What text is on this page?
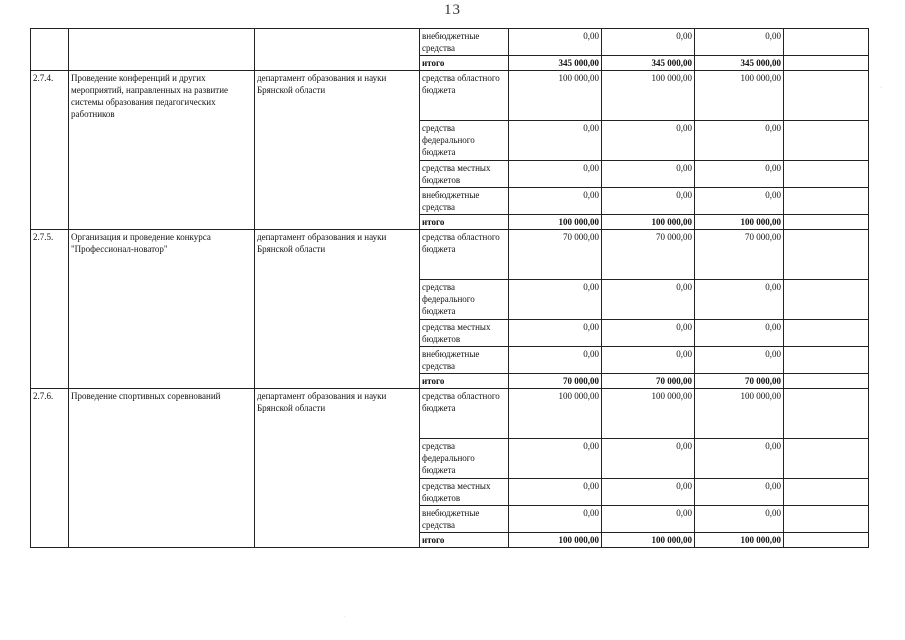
13
·
·
			внебюджетные средства	0,00	0,00	0,00	
			итого	345 000,00	345 000,00	345 000,00	
2.7.4.	Проведение конференций и других мероприятий, направленных на развитие системы образования педагогических работников	департамент образования и науки Брянской области	средства областного бюджета	100 000,00	100 000,00	100 000,00	
			средства федерального бюджета	0,00	0,00	0,00	
			средства местных бюджетов	0,00	0,00	0,00	
			внебюджетные средства	0,00	0,00	0,00	
			итого	100 000,00	100 000,00	100 000,00	
2.7.5.	Организация и проведение конкурса "Профессионал-новатор"	департамент образования и науки Брянской области	средства областного бюджета	70 000,00	70 000,00	70 000,00	
			средства федерального бюджета	0,00	0,00	0,00	
			средства местных бюджетов	0,00	0,00	0,00	
			внебюджетные средства	0,00	0,00	0,00	
			итого	70 000,00	70 000,00	70 000,00	
2.7.6.	Проведение спортивных соревнований	департамент образования и науки Брянской области	средства областного бюджета	100 000,00	100 000,00	100 000,00	
			средства федерального бюджета	0,00	0,00	0,00	
			средства местных бюджетов	0,00	0,00	0,00	
			внебюджетные средства	0,00	0,00	0,00	
			итого	100 000,00	100 000,00	100 000,00	
